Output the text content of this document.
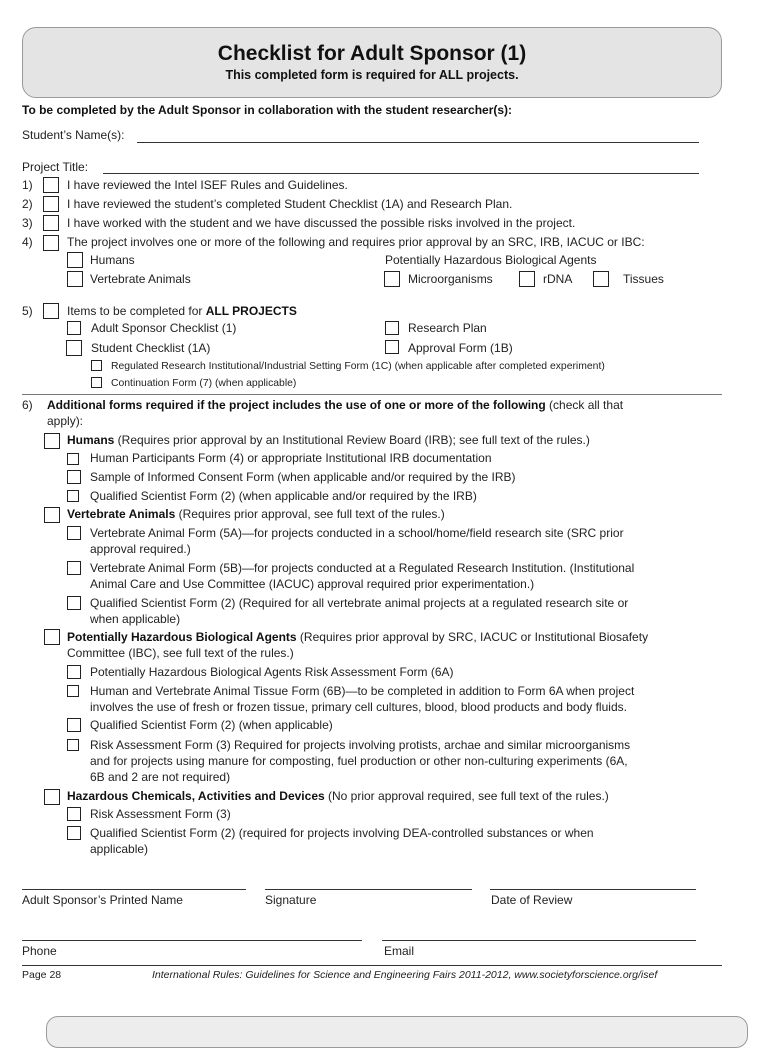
Checklist for Adult Sponsor (1)
This completed form is required for ALL projects.
To be completed by the Adult Sponsor in collaboration with the student researcher(s):
Student’s Name(s):
Project Title:
1)	I have reviewed the Intel ISEF Rules and Guidelines.
2)	I have reviewed the student’s completed Student Checklist (1A) and Research Plan.
3)	I have worked with the student and we have discussed the possible risks involved in the project.
4)	The project involves one or more of the following and requires prior approval by an SRC, IRB, IACUC or IBC:
Humans	Potentially Hazardous Biological Agents
Vertebrate Animals	Microorganisms	rDNA	Tissues
5)	Items to be completed for ALL PROJECTS
Adult Sponsor Checklist (1)	Research Plan
Student Checklist (1A)	Approval Form (1B)
Regulated Research Institutional/Industrial Setting Form (1C) (when applicable after completed experiment)
Continuation Form (7) (when applicable)
6) Additional forms required if the project includes the use of one or more of the following (check all that
apply):
Humans (Requires prior approval by an Institutional Review Board (IRB); see full text of the rules.)
Human Participants Form (4) or appropriate Institutional IRB documentation
Sample of Informed Consent Form (when applicable and/or required by the IRB)
Qualified Scientist Form (2) (when applicable and/or required by the IRB)
Vertebrate Animals (Requires prior approval, see full text of the rules.)
Vertebrate Animal Form (5A)—for projects conducted in a school/home/field research site (SRC prior
approval required.)
Vertebrate Animal Form (5B)—for projects conducted at a Regulated Research Institution. (Institutional
Animal Care and Use Committee (IACUC) approval required prior experimentation.)
Qualified Scientist Form (2) (Required for all vertebrate animal projects at a regulated research site or
when applicable)
Potentially Hazardous Biological Agents (Requires prior approval by SRC, IACUC or Institutional Biosafety
Committee (IBC), see full text of the rules.)
Potentially Hazardous Biological Agents Risk Assessment Form (6A)
Human and Vertebrate Animal Tissue Form (6B)—to be completed in addition to Form 6A when project
involves the use of fresh or frozen tissue, primary cell cultures, blood, blood products and body fluids.
Qualified Scientist Form (2) (when applicable)
Risk Assessment Form (3) Required for projects involving protists, archae and similar microorganisms
and for projects using manure for composting, fuel production or other non-culturing experiments (6A,
6B and 2 are not required)
Hazardous Chemicals, Activities and Devices (No prior approval required, see full text of the rules.)
Risk Assessment Form (3)
Qualified Scientist Form (2) (required for projects involving DEA-controlled substances or when
applicable)
Adult Sponsor’s Printed Name	Signature	Date of Review
Phone	Email
Page 28	International Rules: Guidelines for Science and Engineering Fairs 2011-2012, www.societyforscience.org/isef
